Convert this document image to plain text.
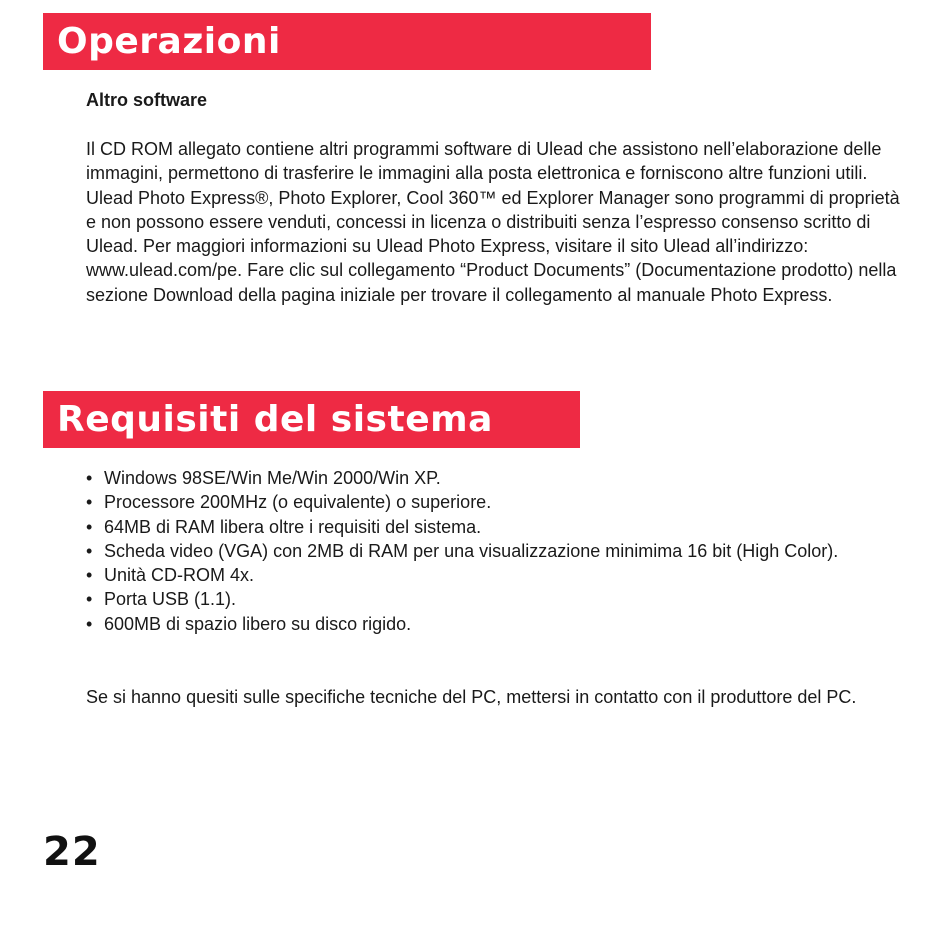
Operazioni
Altro software

Il CD ROM allegato contiene altri programmi software di Ulead che assistono nell’elaborazione delle immagini, permettono di trasferire le immagini alla posta elettronica e forniscono altre funzioni utili. Ulead Photo Express®, Photo Explorer, Cool 360™ ed Explorer Manager sono programmi di proprietà e non possono essere venduti, concessi in licenza o distribuiti senza l’espresso consenso scritto di Ulead. Per maggiori informazioni su Ulead Photo Express, visitare il sito Ulead all’indirizzo: www.ulead.com/pe. Fare clic sul collegamento “Product Documents” (Documentazione prodotto) nella sezione Download della pagina iniziale per trovare il collegamento al manuale Photo Express.

Requisiti del sistema
• Windows 98SE/Win Me/Win 2000/Win XP.
• Processore 200MHz (o equivalente) o superiore.
• 64MB di RAM libera oltre i requisiti del sistema.
• Scheda video (VGA) con 2MB di RAM per una visualizzazione minimima 16 bit (High Color).
• Unità CD-ROM 4x.
• Porta USB (1.1).
• 600MB di spazio libero su disco rigido.

Se si hanno quesiti sulle specifiche tecniche del PC, mettersi in contatto con il produttore del PC.

22
